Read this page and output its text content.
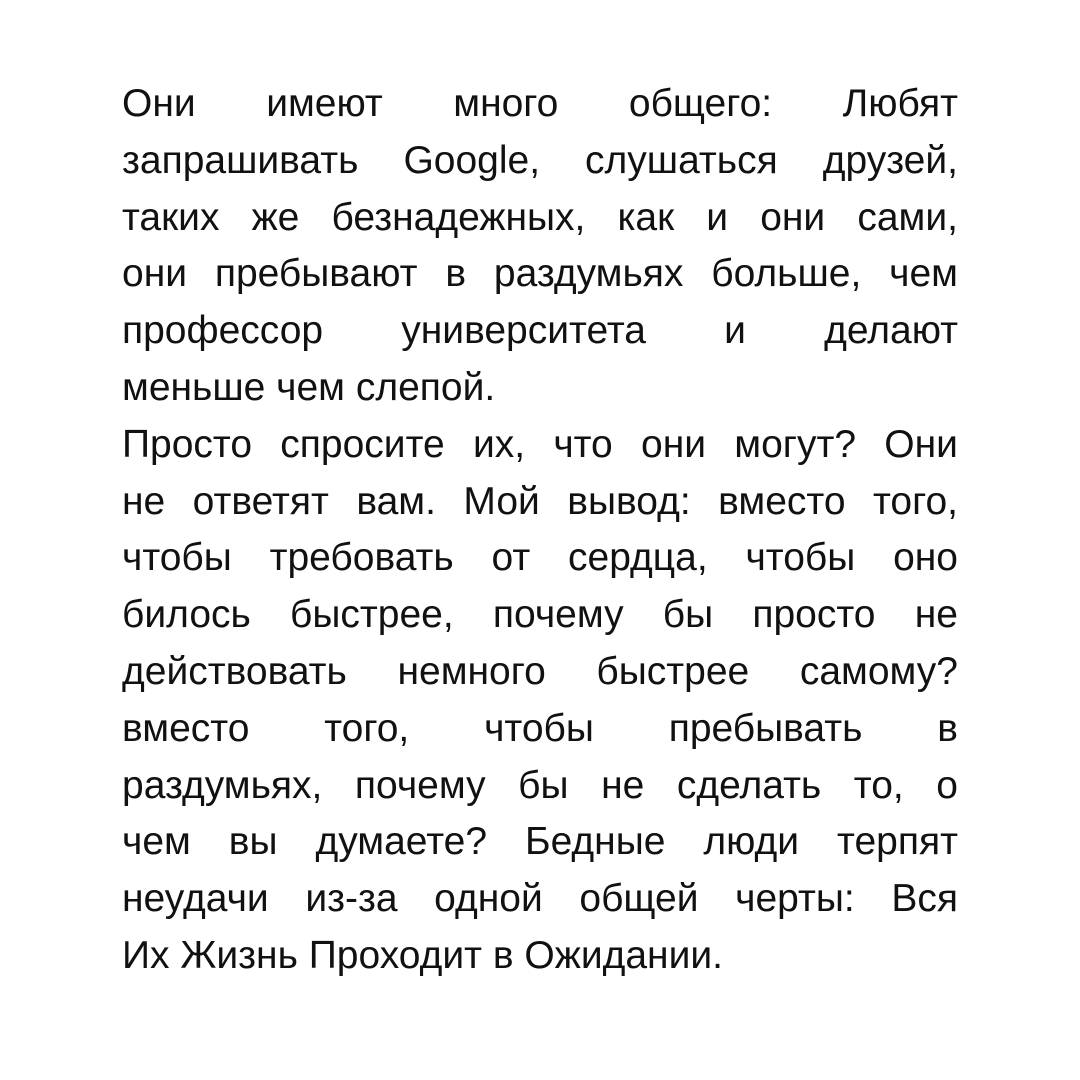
Они имеют много общего: Любят
запрашивать Google, слушаться друзей,
таких же безнадежных, как и они сами,
они пребывают в раздумьях больше, чем
профессор университета и делают
меньше чем слепой.
Просто спросите их, что они могут? Они
не ответят вам. Мой вывод: вместо того,
чтобы требовать от сердца, чтобы оно
билось быстрее, почему бы просто не
действовать немного быстрее самому?
вместо того, чтобы пребывать в
раздумьях, почему бы не сделать то, о
чем вы думаете? Бедные люди терпят
неудачи из-за одной общей черты: Вся
Их Жизнь Проходит в Ожидании.
